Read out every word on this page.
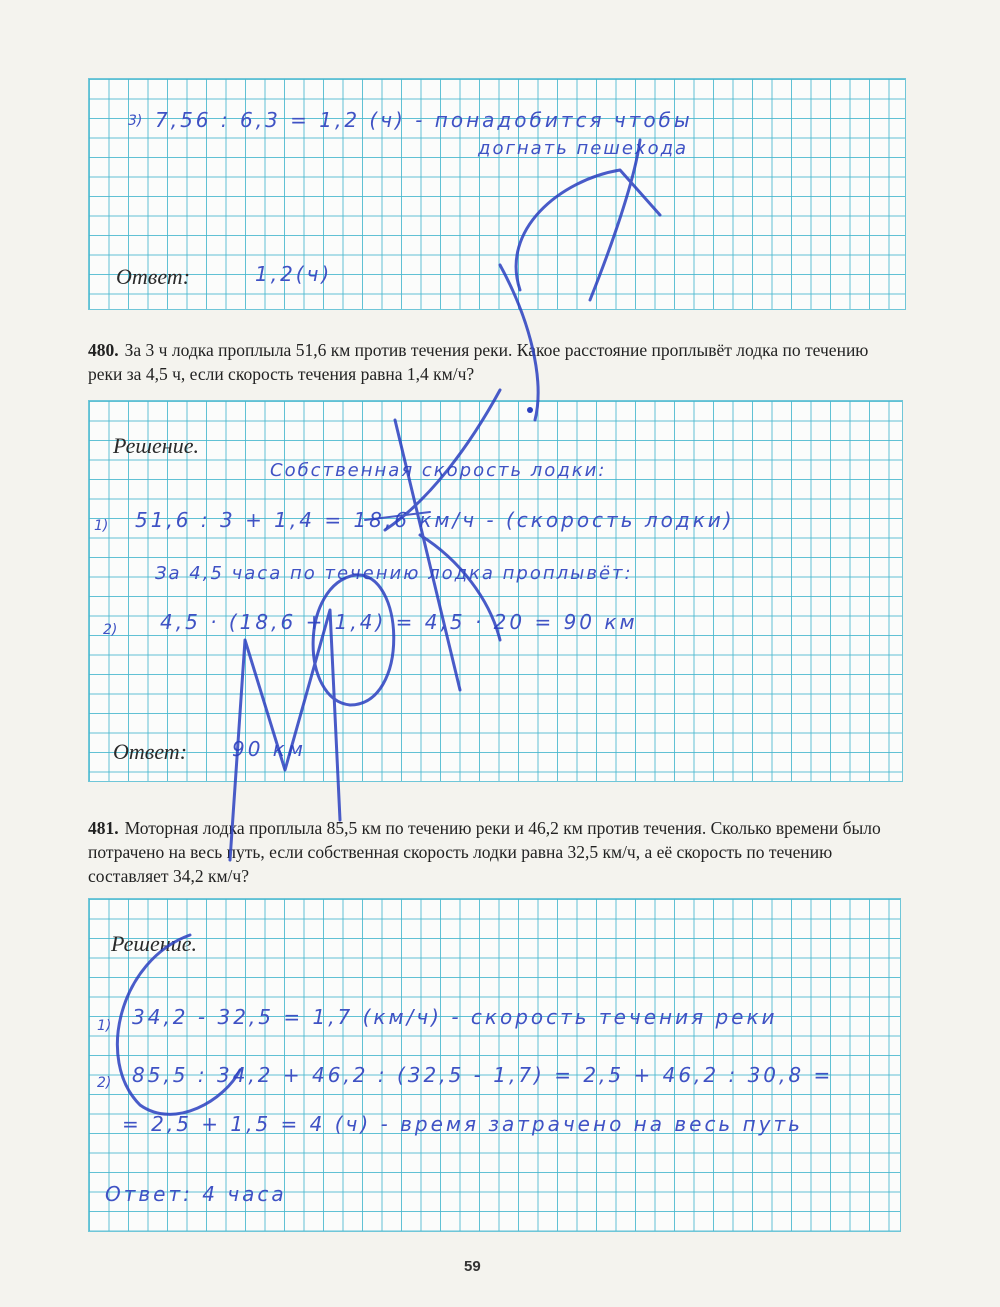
3) 7,56 : 6,3 = 1,2 (ч) - понадобится чтобы
догнать пешехода
Ответ:	1,2(ч)
480. За 3 ч лодка проплыла 51,6 км против течения реки. Какое расстояние проплывёт лодка по течению реки за 4,5 ч, если скорость течения равна 1,4 км/ч?
Решение.
Собственная скорость лодки:
1) 51,6 : 3 + 1,4 = 18,6 км/ч - (скорость лодки)
За 4,5 часа по течению лодка проплывёт:
2) 4,5 · (18,6 + 1,4) = 4,5 · 20 = 90 км
Ответ: 90 км
481. Моторная лодка проплыла 85,5 км по течению реки и 46,2 км против течения. Сколько времени было потрачено на весь путь, если собственная скорость лодки равна 32,5 км/ч, а её скорость по течению составляет 34,2 км/ч?
Решение.
1) 34,2 - 32,5 = 1,7 (км/ч) - скорость течения реки
2) 85,5 : 34,2 + 46,2 : (32,5 - 1,7) = 2,5 + 46,2 : 30,8 =
= 2,5 + 1,5 = 4 (ч) - время затрачено на весь путь
Ответ: 4 часа
59
